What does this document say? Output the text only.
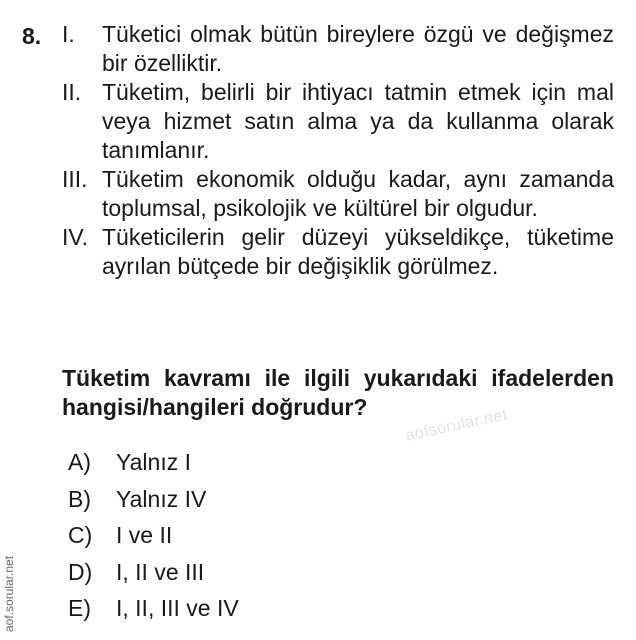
8. I.	Tüketici olmak bütün bireylere özgü ve değişmez bir özelliktir.
II. Tüketim, belirli bir ihtiyacı tatmin etmek için mal veya hizmet satın alma ya da kullanma olarak tanımlanır.
III. Tüketim ekonomik olduğu kadar, aynı zamanda toplumsal, psikolojik ve kültürel bir olgudur.
IV. Tüketicilerin gelir düzeyi yükseldikçe, tüketime ayrılan bütçede bir değişiklik görülmez.
Tüketim kavramı ile ilgili yukarıdaki ifadelerden hangisi/hangileri doğrudur?	aofsorular.net
A)	Yalnız I
B)	Yalnız IV
C)	I ve II
D)	I, II ve III
E)	I, II, III ve IV
aof.sorular.net
